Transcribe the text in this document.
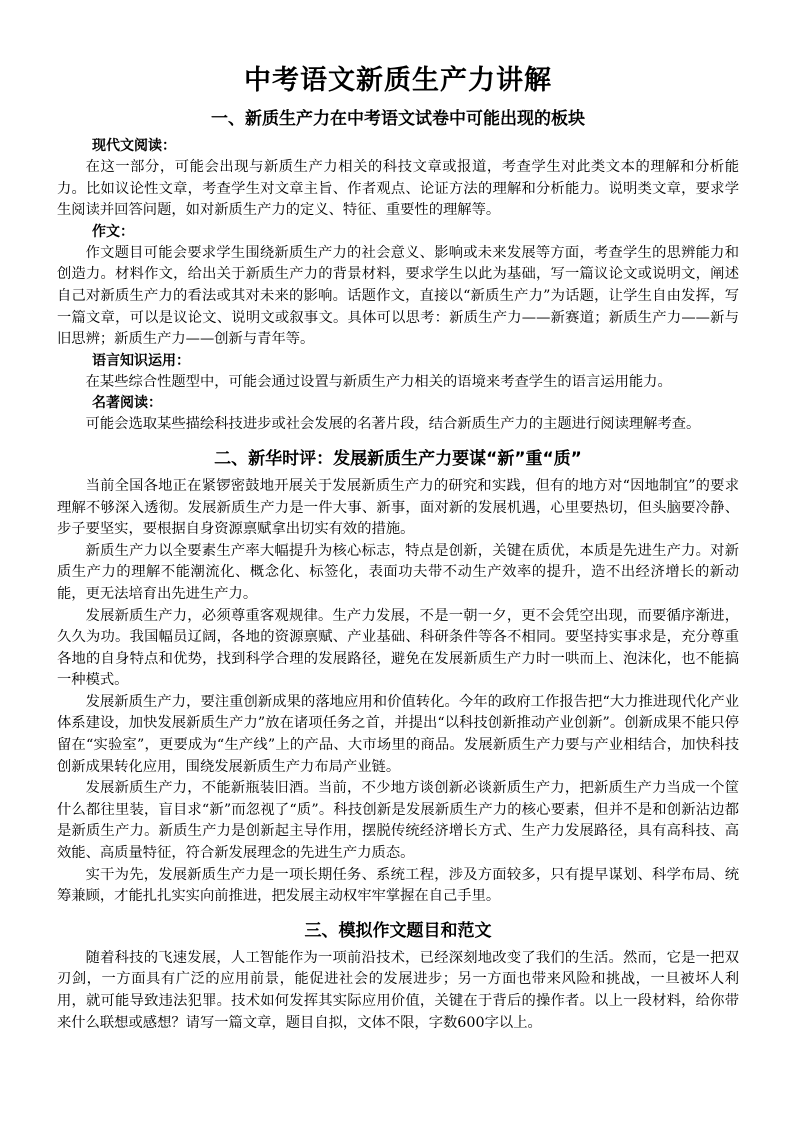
中考语文新质生产力讲解
一、新质生产力在中考语文试卷中可能出现的板块
现代文阅读：

在这一部分，可能会出现与新质生产力相关的科技文章或报道，考查学生对此类文本的理解和分析能力。比如议论性文章，考查学生对文章主旨、作者观点、论证方法的理解和分析能力。说明类文章，要求学生阅读并回答问题，如对新质生产力的定义、特征、重要性的理解等。

作文：

作文题目可能会要求学生围绕新质生产力的社会意义、影响或未来发展等方面，考查学生的思辨能力和创造力。材料作文，给出关于新质生产力的背景材料，要求学生以此为基础，写一篇议论文或说明文，阐述自己对新质生产力的看法或其对未来的影响。话题作文，直接以“新质生产力”为话题，让学生自由发挥，写一篇文章，可以是议论文、说明文或叙事文。具体可以思考：新质生产力——新赛道；新质生产力——新与旧思辨；新质生产力——创新与青年等。

语言知识运用：

在某些综合性题型中，可能会通过设置与新质生产力相关的语境来考查学生的语言运用能力。

名著阅读：

可能会选取某些描绘科技进步或社会发展的名著片段，结合新质生产力的主题进行阅读理解考查。

二、新华时评：发展新质生产力要谋“新”重“质”

当前全国各地正在紧锣密鼓地开展关于发展新质生产力的研究和实践，但有的地方对“因地制宜”的要求理解不够深入透彻。发展新质生产力是一件大事、新事，面对新的发展机遇，心里要热切，但头脑要冷静、步子要坚实，要根据自身资源禀赋拿出切实有效的措施。

新质生产力以全要素生产率大幅提升为核心标志，特点是创新，关键在质优，本质是先进生产力。对新质生产力的理解不能潮流化、概念化、标签化，表面功夫带不动生产效率的提升，造不出经济增长的新动能，更无法培育出先进生产力。

发展新质生产力，必须尊重客观规律。生产力发展，不是一朝一夕，更不会凭空出现，而要循序渐进，久久为功。我国幅员辽阔，各地的资源禀赋、产业基础、科研条件等各不相同。要坚持实事求是，充分尊重各地的自身特点和优势，找到科学合理的发展路径，避免在发展新质生产力时一哄而上、泡沫化，也不能搞一种模式。

发展新质生产力，要注重创新成果的落地应用和价值转化。今年的政府工作报告把“大力推进现代化产业体系建设，加快发展新质生产力”放在诸项任务之首，并提出“以科技创新推动产业创新”。创新成果不能只停留在“实验室”，更要成为“生产线”上的产品、大市场里的商品。发展新质生产力要与产业相结合，加快科技创新成果转化应用，围绕发展新质生产力布局产业链。

发展新质生产力，不能新瓶装旧酒。当前，不少地方谈创新必谈新质生产力，把新质生产力当成一个筐什么都往里装，盲目求“新”而忽视了“质”。科技创新是发展新质生产力的核心要素，但并不是和创新沾边都是新质生产力。新质生产力是创新起主导作用，摆脱传统经济增长方式、生产力发展路径，具有高科技、高效能、高质量特征，符合新发展理念的先进生产力质态。

实干为先，发展新质生产力是一项长期任务、系统工程，涉及方面较多，只有提早谋划、科学布局、统筹兼顾，才能扎扎实实向前推进，把发展主动权牢牢掌握在自己手里。

三、模拟作文题目和范文

随着科技的飞速发展，人工智能作为一项前沿技术，已经深刻地改变了我们的生活。然而，它是一把双刃剑，一方面具有广泛的应用前景，能促进社会的发展进步；另一方面也带来风险和挑战，一旦被坏人利用，就可能导致违法犯罪。技术如何发挥其实际应用价值，关键在于背后的操作者。以上一段材料，给你带来什么联想或感想？请写一篇文章，题目自拟，文体不限，字数600字以上。
